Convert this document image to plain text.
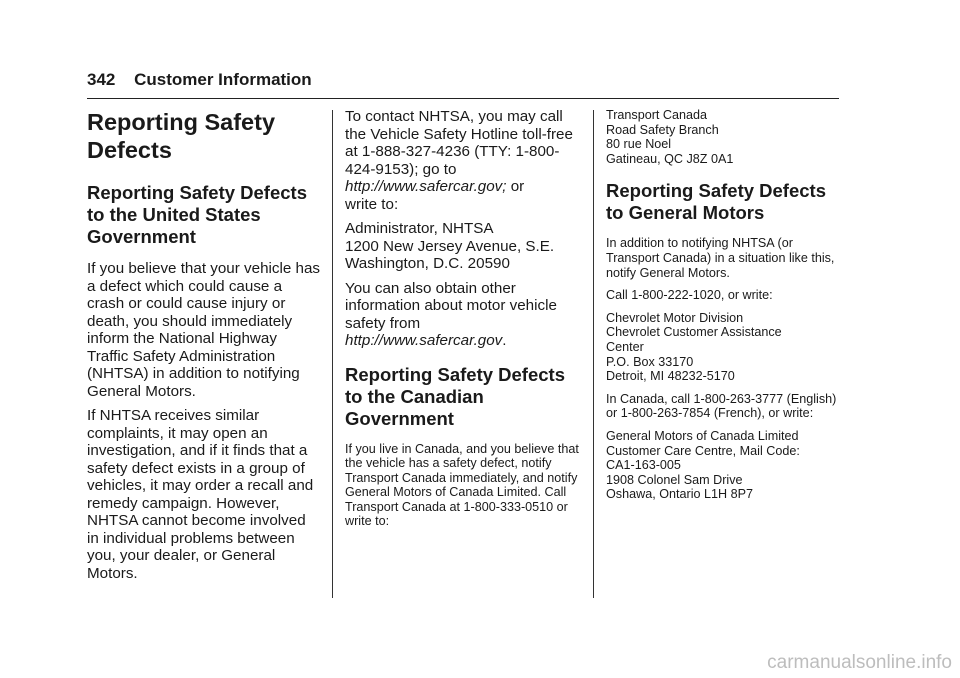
342 Customer Information
Reporting Safety Defects
Reporting Safety Defects to the United States Government

If you believe that your vehicle has a defect which could cause a crash or could cause injury or death, you should immediately inform the National Highway Traffic Safety Administration (NHTSA) in addition to notifying General Motors.

If NHTSA receives similar complaints, it may open an investigation, and if it finds that a safety defect exists in a group of vehicles, it may order a recall and remedy campaign. However, NHTSA cannot become involved in individual problems between you, your dealer, or General Motors.

To contact NHTSA, you may call the Vehicle Safety Hotline toll-free at 1-888-327-4236 (TTY: 1-800-424-9153); go to http://www.safercar.gov; or
write to:

Administrator, NHTSA
1200 New Jersey Avenue, S.E.
Washington, D.C. 20590

You can also obtain other information about motor vehicle safety from http://www.safercar.gov.

Reporting Safety Defects to the Canadian Government

If you live in Canada, and you believe that the vehicle has a safety defect, notify Transport Canada immediately, and notify General Motors of Canada Limited. Call Transport Canada at 1-800-333-0510 or write to:

Transport Canada
Road Safety Branch
80 rue Noel
Gatineau, QC J8Z 0A1

Reporting Safety Defects to General Motors

In addition to notifying NHTSA (or Transport Canada) in a situation like this, notify General Motors.

Call 1-800-222-1020, or write:

Chevrolet Motor Division
Chevrolet Customer Assistance
Center
P.O. Box 33170
Detroit, MI 48232-5170

In Canada, call 1-800-263-3777 (English) or 1-800-263-7854 (French), or write:

General Motors of Canada Limited
Customer Care Centre, Mail Code:
CA1-163-005
1908 Colonel Sam Drive
Oshawa, Ontario L1H 8P7

carmanualsonline.info
